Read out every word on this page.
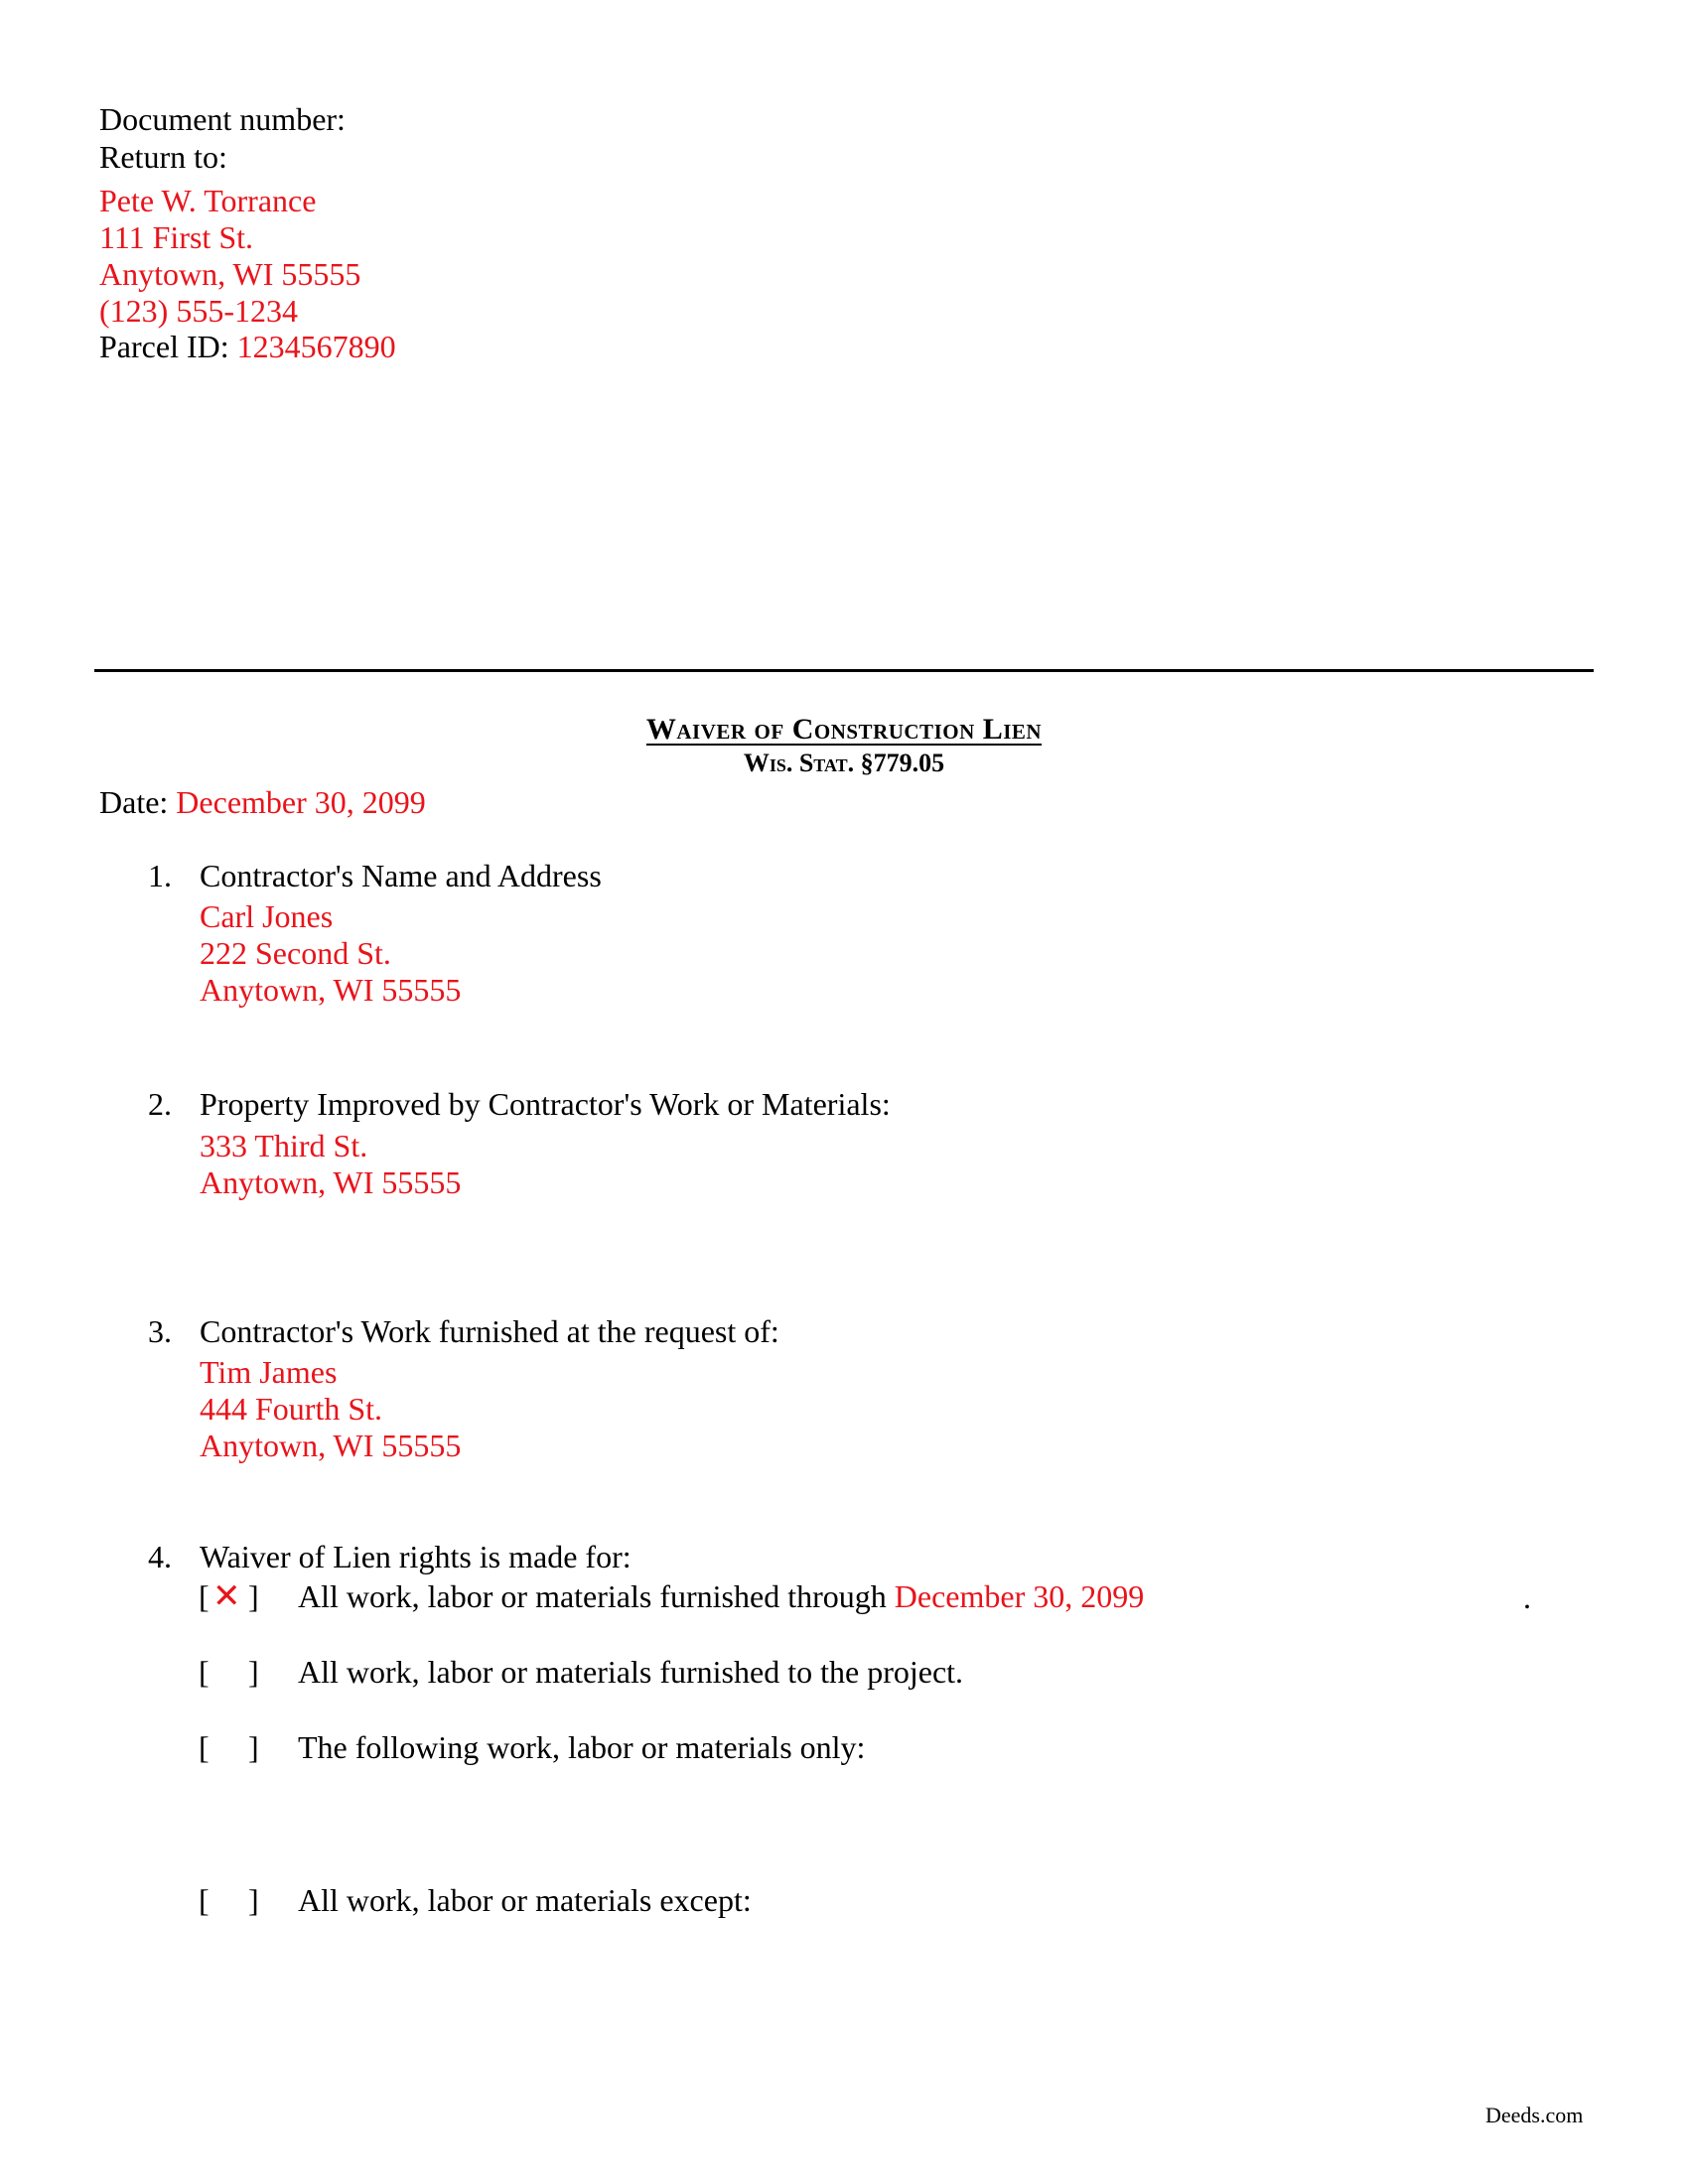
Document number:
Return to:
Pete W. Torrance
111 First St.
Anytown, WI 55555
(123) 555-1234
Parcel ID: 1234567890
Waiver of Construction Lien
Wis. Stat. §779.05
Date: December 30, 2099
1. Contractor's Name and Address
Carl Jones
222 Second St.
Anytown, WI 55555
2. Property Improved by Contractor's Work or Materials:
333 Third St.
Anytown, WI 55555
3. Contractor's Work furnished at the request of:
Tim James
444 Fourth St.
Anytown, WI 55555
4. Waiver of Lien rights is made for:
[ ✕ ] All work, labor or materials furnished through December 30, 2099	.
[ ] All work, labor or materials furnished to the project.
[ ] The following work, labor or materials only:
[ ] All work, labor or materials except:
Deeds.com
